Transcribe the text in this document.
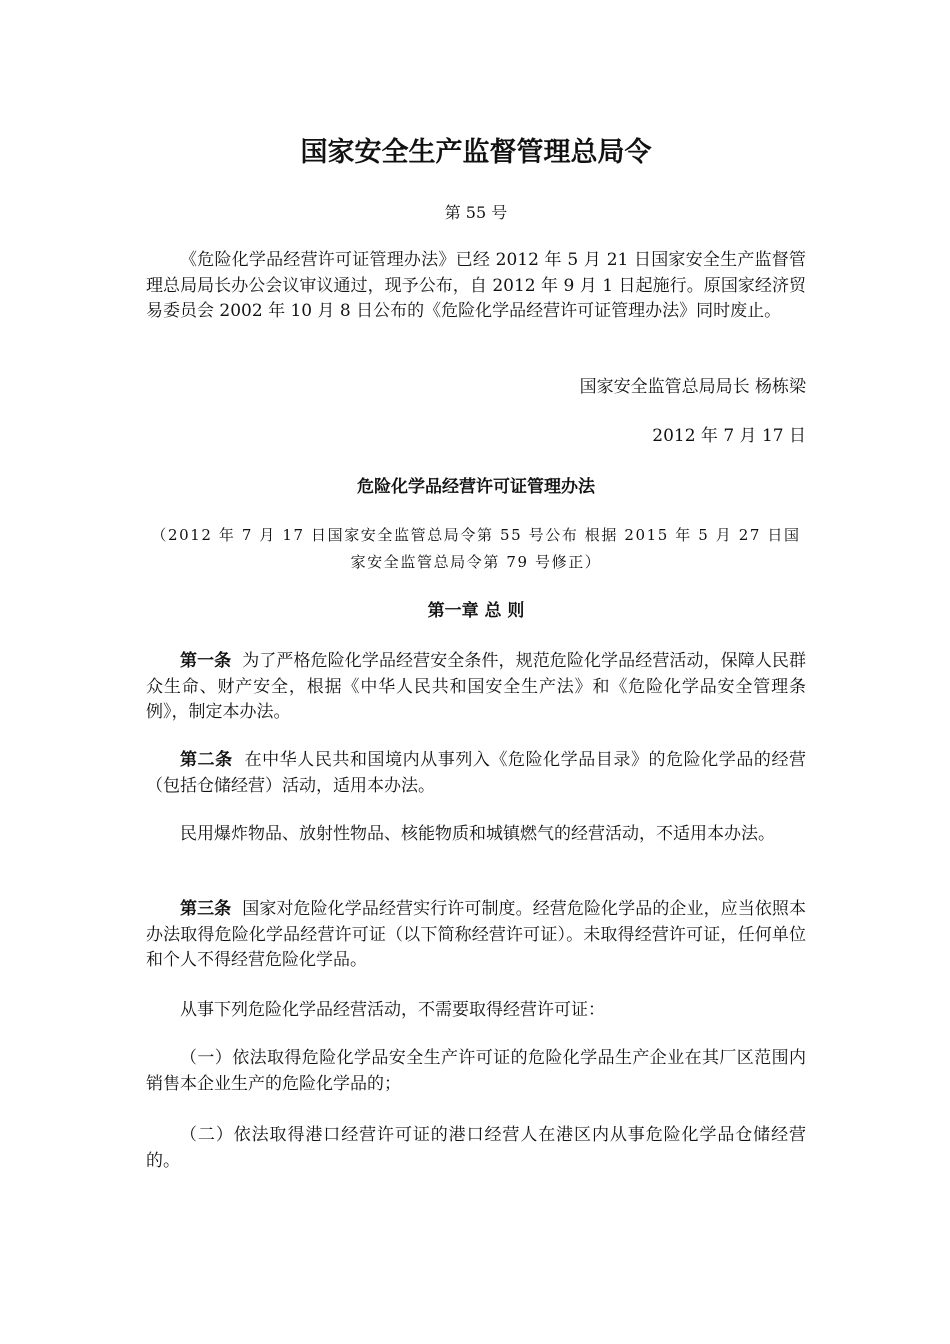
国家安全生产监督管理总局令
第 55 号

《危险化学品经营许可证管理办法》已经 2012 年 5 月 21 日国家安全生产监督管理总局局长办公会议审议通过，现予公布，自 2012 年 9 月 1 日起施行。原国家经济贸易委员会 2002 年 10 月 8 日公布的《危险化学品经营许可证管理办法》同时废止。

国家安全监管总局局长 杨栋梁

2012 年 7 月 17 日

危险化学品经营许可证管理办法

（2012 年 7 月 17 日国家安全监管总局令第 55 号公布 根据 2015 年 5 月 27 日国家安全监管总局令第 79 号修正）

第一章 总 则

第一条 为了严格危险化学品经营安全条件，规范危险化学品经营活动，保障人民群众生命、财产安全，根据《中华人民共和国安全生产法》和《危险化学品安全管理条例》，制定本办法。

第二条 在中华人民共和国境内从事列入《危险化学品目录》的危险化学品的经营（包括仓储经营）活动，适用本办法。

民用爆炸物品、放射性物品、核能物质和城镇燃气的经营活动，不适用本办法。

第三条 国家对危险化学品经营实行许可制度。经营危险化学品的企业，应当依照本办法取得危险化学品经营许可证（以下简称经营许可证）。未取得经营许可证，任何单位和个人不得经营危险化学品。

从事下列危险化学品经营活动，不需要取得经营许可证：

（一）依法取得危险化学品安全生产许可证的危险化学品生产企业在其厂区范围内销售本企业生产的危险化学品的；

（二）依法取得港口经营许可证的港口经营人在港区内从事危险化学品仓储经营的。
